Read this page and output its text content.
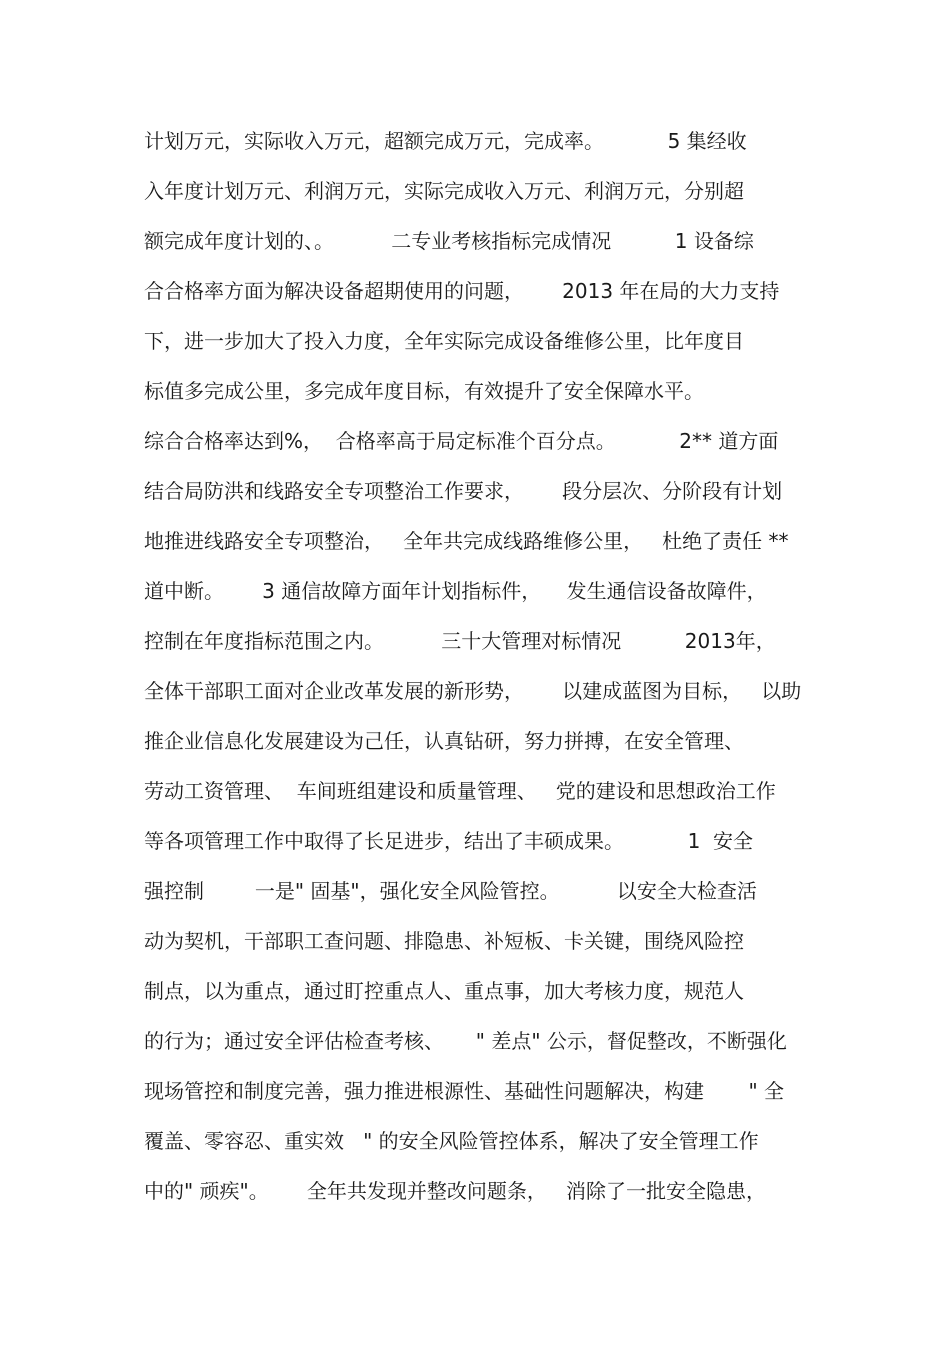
计划万元，实际收入万元，超额完成万元，完成率。          5 集经收
入年度计划万元、利润万元，实际完成收入万元、利润万元，分别超
额完成年度计划的、。         二专业考核指标完成情况          1 设备综
合合格率方面为解决设备超期使用的问题，      2013 年在局的大力支持
下，进一步加大了投入力度，全年实际完成设备维修公里，比年度目
标值多完成公里，多完成年度目标，有效提升了安全保障水平。
综合合格率达到%，  合格率高于局定标准个百分点。          2** 道方面
结合局防洪和线路安全专项整治工作要求，      段分层次、分阶段有计划
地推进线路安全专项整治，   全年共完成线路维修公里，   杜绝了责任 **
道中断。      3 通信故障方面年计划指标件，    发生通信设备故障件，
控制在年度指标范围之内。         三十大管理对标情况          2013年，
全体干部职工面对企业改革发展的新形势，      以建成蓝图为目标，   以助
推企业信息化发展建设为己任，认真钻研，努力拼搏，在安全管理、
劳动工资管理、  车间班组建设和质量管理、   党的建设和思想政治工作
等各项管理工作中取得了长足进步，结出了丰硕成果。          1  安全
强控制        一是" 固基"，强化安全风险管控。         以安全大检查活
动为契机，干部职工查问题、排隐患、补短板、卡关键，围绕风险控
制点，以为重点，通过盯控重点人、重点事，加大考核力度，规范人
的行为；通过安全评估检查考核、     " 差点" 公示，督促整改，不断强化
现场管控和制度完善，强力推进根源性、基础性问题解决，构建       " 全
覆盖、零容忍、重实效   " 的安全风险管控体系，解决了安全管理工作
中的" 顽疾"。      全年共发现并整改问题条，   消除了一批安全隐患，
